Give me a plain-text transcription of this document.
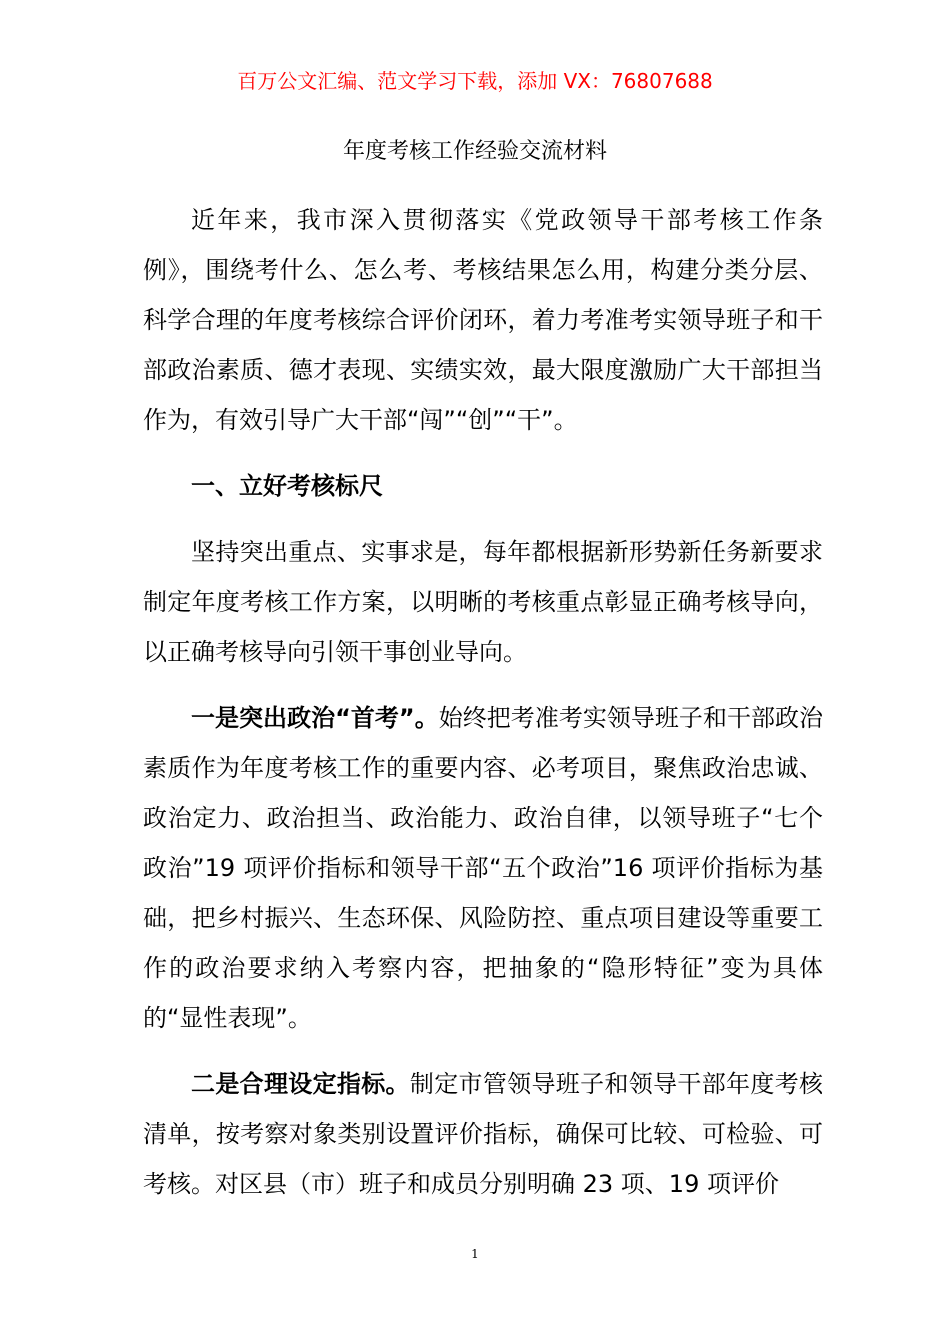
百万公文汇编、范文学习下载，添加 VX：76807688
年度考核工作经验交流材料

近年来，我市深入贯彻落实《党政领导干部考核工作条例》，围绕考什么、怎么考、考核结果怎么用，构建分类分层、科学合理的年度考核综合评价闭环，着力考准考实领导班子和干部政治素质、德才表现、实绩实效，最大限度激励广大干部担当作为，有效引导广大干部“闯”“创”“干”。

一、立好考核标尺

坚持突出重点、实事求是，每年都根据新形势新任务新要求制定年度考核工作方案，以明晰的考核重点彰显正确考核导向，以正确考核导向引领干事创业导向。

一是突出政治“首考”。始终把考准考实领导班子和干部政治素质作为年度考核工作的重要内容、必考项目，聚焦政治忠诚、政治定力、政治担当、政治能力、政治自律，以领导班子“七个政治”19 项评价指标和领导干部“五个政治”16 项评价指标为基础，把乡村振兴、生态环保、风险防控、重点项目建设等重要工作的政治要求纳入考察内容，把抽象的“隐形特征”变为具体的“显性表现”。

二是合理设定指标。制定市管领导班子和领导干部年度考核清单，按考察对象类别设置评价指标，确保可比较、可检验、可考核。对区县（市）班子和成员分别明确 23 项、19 项评价

1
